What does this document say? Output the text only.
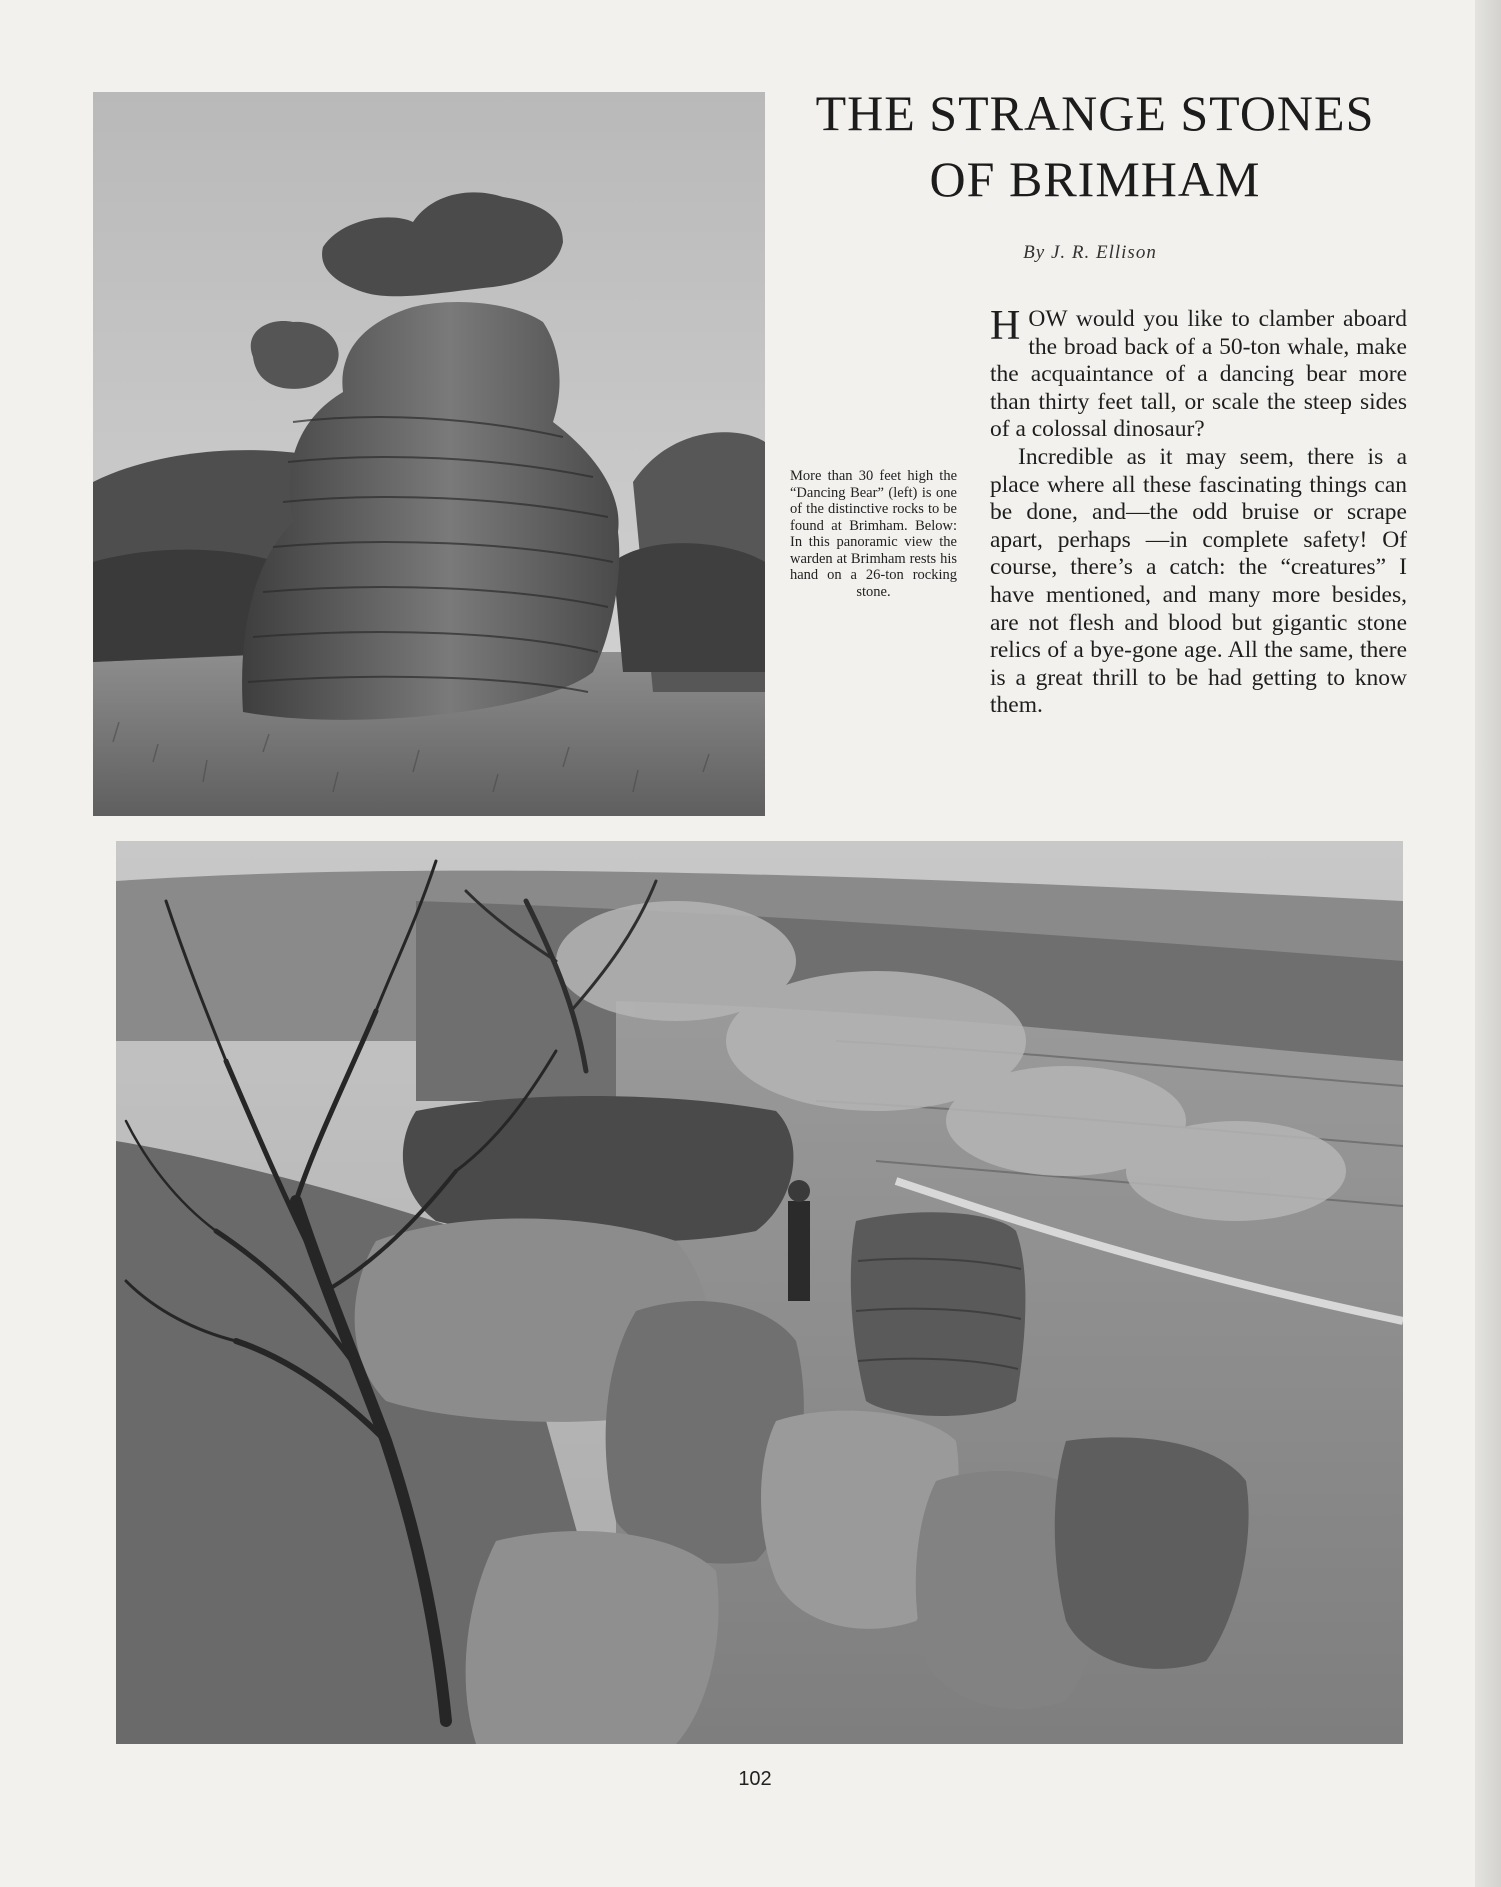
THE STRANGE STONES
OF BRIMHAM
By J. R. Ellison

More than 30 feet high the “Dancing Bear” (left) is one of the distinctive rocks to be found at Brimham. Below: In this panoramic view the warden at Brimham rests his hand on a 26-ton rocking stone.

HOW would you like to clamber aboard the broad back of a 50-ton whale, make the acquaintance of a dancing bear more than thirty feet tall, or scale the steep sides of a colossal dinosaur?

Incredible as it may seem, there is a place where all these fascinating things can be done, and—the odd bruise or scrape apart, perhaps —in complete safety! Of course, there’s a catch: the “creatures” I have mentioned, and many more besides, are not flesh and blood but gigantic stone relics of a bye-gone age. All the same, there is a great thrill to be had getting to know them.

102
